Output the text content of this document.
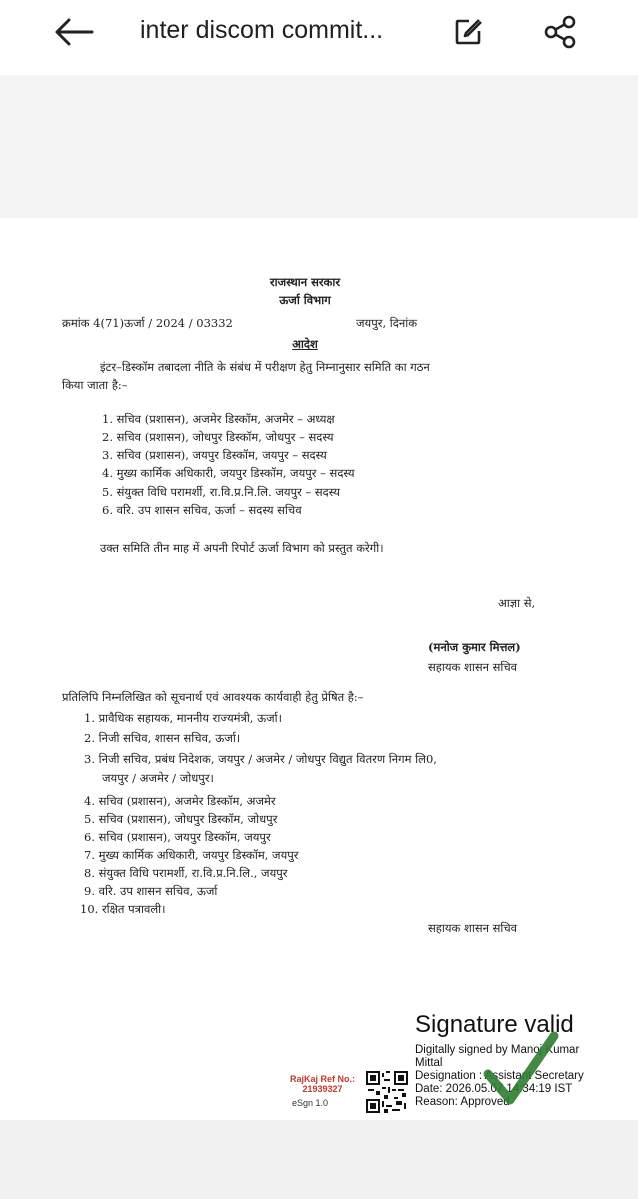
inter discom commit...
राजस्थान सरकार
ऊर्जा विभाग
क्रमांक 4(71)ऊर्जा / 2024 / 03332	जयपुर, दिनांक
आदेश
इंटर–डिस्कॉम तबादला नीति के संबंध में परीक्षण हेतु निम्नानुसार समिति का गठन
किया जाता है:–
1. सचिव (प्रशासन), अजमेर डिस्कॉम, अजमेर – अध्यक्ष
2. सचिव (प्रशासन), जोधपुर डिस्कॉम, जोधपुर – सदस्य
3. सचिव (प्रशासन), जयपुर डिस्कॉम, जयपुर – सदस्य
4. मुख्य कार्मिक अधिकारी, जयपुर डिस्कॉम, जयपुर – सदस्य
5. संयुक्त विधि परामर्शी, रा.वि.प्र.नि.लि. जयपुर – सदस्य
6. वरि. उप शासन सचिव, ऊर्जा – सदस्य सचिव
उक्त समिति तीन माह में अपनी रिपोर्ट ऊर्जा विभाग को प्रस्तुत करेगी।
आज्ञा से,
(मनोज कुमार मित्तल)
सहायक शासन सचिव
प्रतिलिपि निम्नलिखित को सूचनार्थ एवं आवश्यक कार्यवाही हेतु प्रेषित है:–
1. प्रावैधिक सहायक, माननीय राज्यमंत्री, ऊर्जा।
2. निजी सचिव, शासन सचिव, ऊर्जा।
3. निजी सचिव, प्रबंध निदेशक, जयपुर / अजमेर / जोधपुर विद्युत वितरण निगम लि0,
जयपुर / अजमेर / जोधपुर।
4. सचिव (प्रशासन), अजमेर डिस्कॉम, अजमेर
5. सचिव (प्रशासन), जोधपुर डिस्कॉम, जोधपुर
6. सचिव (प्रशासन), जयपुर डिस्कॉम, जयपुर
7. मुख्य कार्मिक अधिकारी, जयपुर डिस्कॉम, जयपुर
8. संयुक्त विधि परामर्शी, रा.वि.प्र.नि.लि., जयपुर
9. वरि. उप शासन सचिव, ऊर्जा
10. रक्षित पत्रावली।
सहायक शासन सचिव
Signature valid
Digitally signed by Manoj Kumar
Mittal
Designation : Assistant Secretary
Date: 2026.05.07 14:34:19 IST
Reason: Approved
RajKaj Ref No.:
21939327
eSgn 1.0
